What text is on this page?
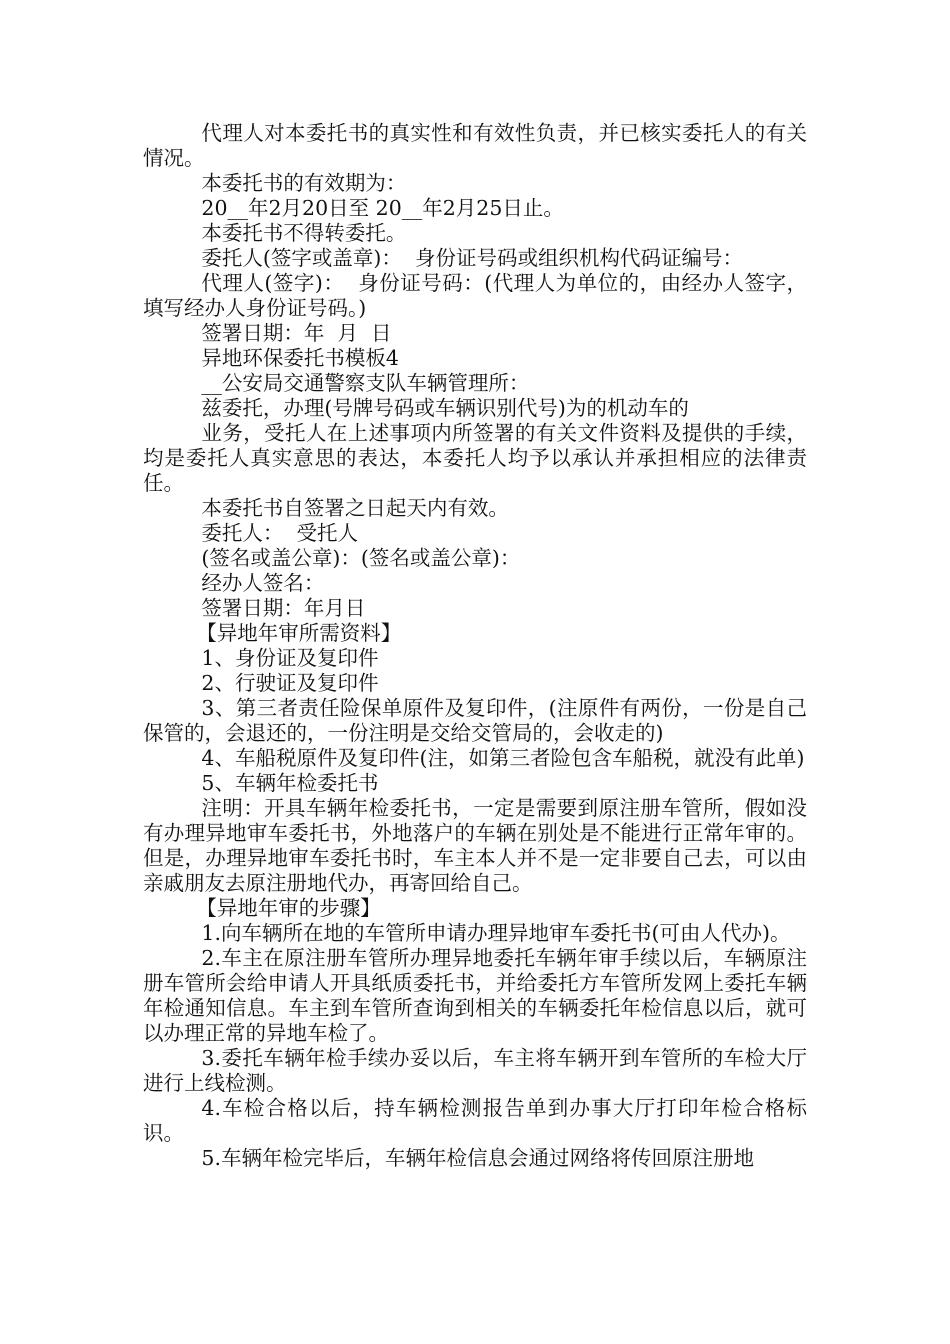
代理人对本委托书的真实性和有效性负责，并已核实委托人的有关情况。

本委托书的有效期为：

20__年2月20日至 20__年2月25日止。

本委托书不得转委托。

委托人(签字或盖章)：  身份证号码或组织机构代码证编号：

代理人(签字)：  身份证号码：(代理人为单位的，由经办人签字，填写经办人身份证号码。)

签署日期：年  月  日

异地环保委托书模板4

__公安局交通警察支队车辆管理所：

兹委托，办理(号牌号码或车辆识别代号)为的机动车的

业务，受托人在上述事项内所签署的有关文件资料及提供的手续，均是委托人真实意思的表达，本委托人均予以承认并承担相应的法律责任。

本委托书自签署之日起天内有效。

委托人：  受托人

(签名或盖公章)：(签名或盖公章)：

经办人签名：

签署日期：年月日

【异地年审所需资料】

1、身份证及复印件

2、行驶证及复印件

3、第三者责任险保单原件及复印件，(注原件有两份，一份是自己保管的，会退还的，一份注明是交给交管局的，会收走的)

4、车船税原件及复印件(注，如第三者险包含车船税，就没有此单)

5、车辆年检委托书

注明：开具车辆年检委托书，一定是需要到原注册车管所，假如没有办理异地审车委托书，外地落户的车辆在别处是不能进行正常年审的。但是，办理异地审车委托书时，车主本人并不是一定非要自己去，可以由亲戚朋友去原注册地代办，再寄回给自己。

【异地年审的步骤】

1.向车辆所在地的车管所申请办理异地审车委托书(可由人代办)。

2.车主在原注册车管所办理异地委托车辆年审手续以后，车辆原注册车管所会给申请人开具纸质委托书，并给委托方车管所发网上委托车辆年检通知信息。车主到车管所查询到相关的车辆委托年检信息以后，就可以办理正常的异地车检了。

3.委托车辆年检手续办妥以后，车主将车辆开到车管所的车检大厅进行上线检测。

4.车检合格以后，持车辆检测报告单到办事大厅打印年检合格标识。

5.车辆年检完毕后，车辆年检信息会通过网络将传回原注册地
